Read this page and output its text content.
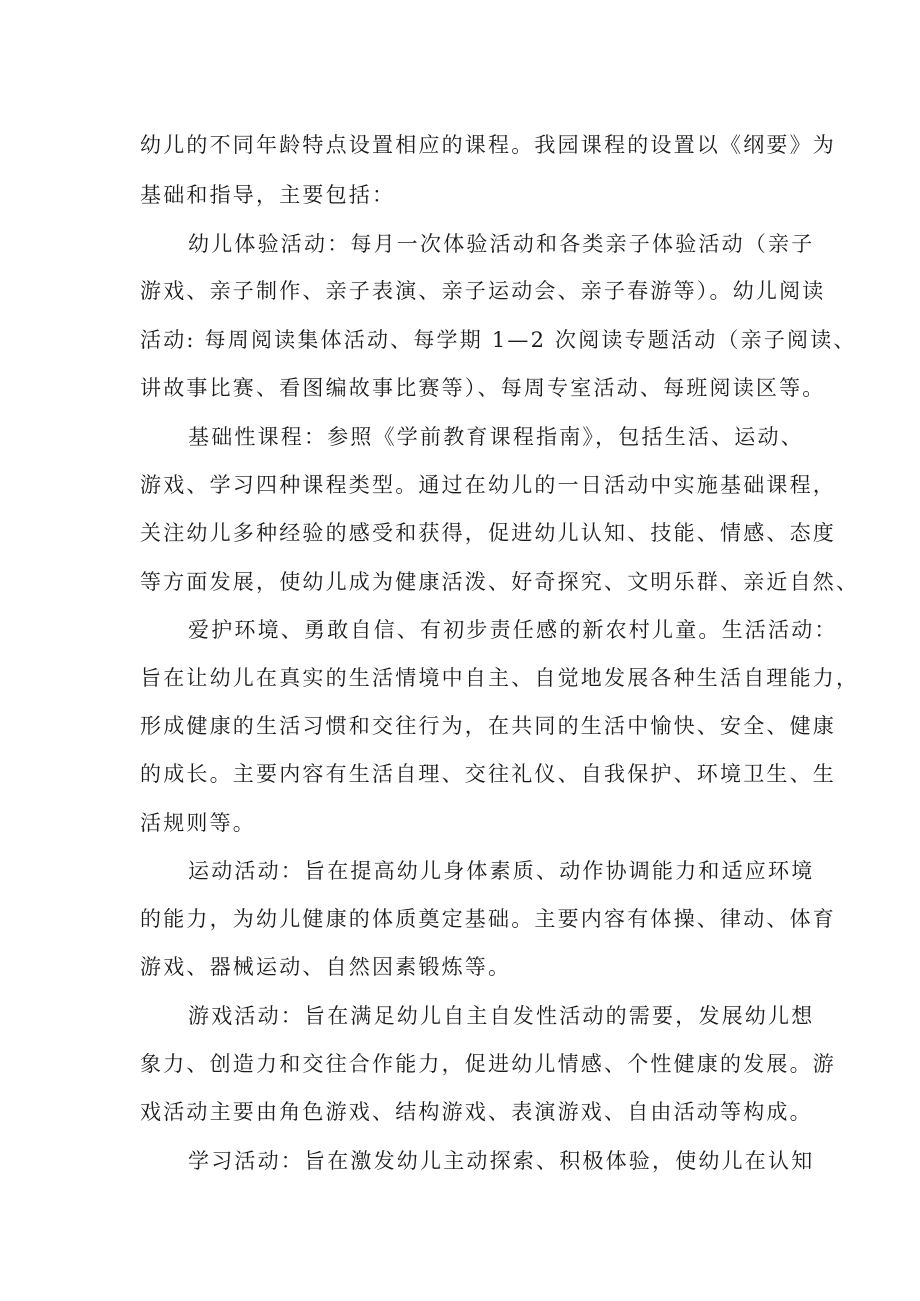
幼儿的不同年龄特点设置相应的课程。我园课程的设置以《纲要》为
基础和指导，主要包括：
幼儿体验活动：每月一次体验活动和各类亲子体验活动（亲子
游戏、亲子制作、亲子表演、亲子运动会、亲子春游等）。幼儿阅读
活动: 每周阅读集体活动、每学期 1—2 次阅读专题活动（亲子阅读、
讲故事比赛、看图编故事比赛等）、每周专室活动、每班阅读区等。
基础性课程：参照《学前教育课程指南》，包括生活、运动、
游戏、学习四种课程类型。通过在幼儿的一日活动中实施基础课程，
关注幼儿多种经验的感受和获得，促进幼儿认知、技能、情感、态度
等方面发展，使幼儿成为健康活泼、好奇探究、文明乐群、亲近自然、
爱护环境、勇敢自信、有初步责任感的新农村儿童。生活活动：
旨在让幼儿在真实的生活情境中自主、自觉地发展各种生活自理能力，
形成健康的生活习惯和交往行为，在共同的生活中愉快、安全、健康
的成长。主要内容有生活自理、交往礼仪、自我保护、环境卫生、生
活规则等。
运动活动：旨在提高幼儿身体素质、动作协调能力和适应环境
的能力，为幼儿健康的体质奠定基础。主要内容有体操、律动、体育
游戏、器械运动、自然因素锻炼等。
游戏活动：旨在满足幼儿自主自发性活动的需要，发展幼儿想
象力、创造力和交往合作能力，促进幼儿情感、个性健康的发展。游
戏活动主要由角色游戏、结构游戏、表演游戏、自由活动等构成。
学习活动：旨在激发幼儿主动探索、积极体验，使幼儿在认知
